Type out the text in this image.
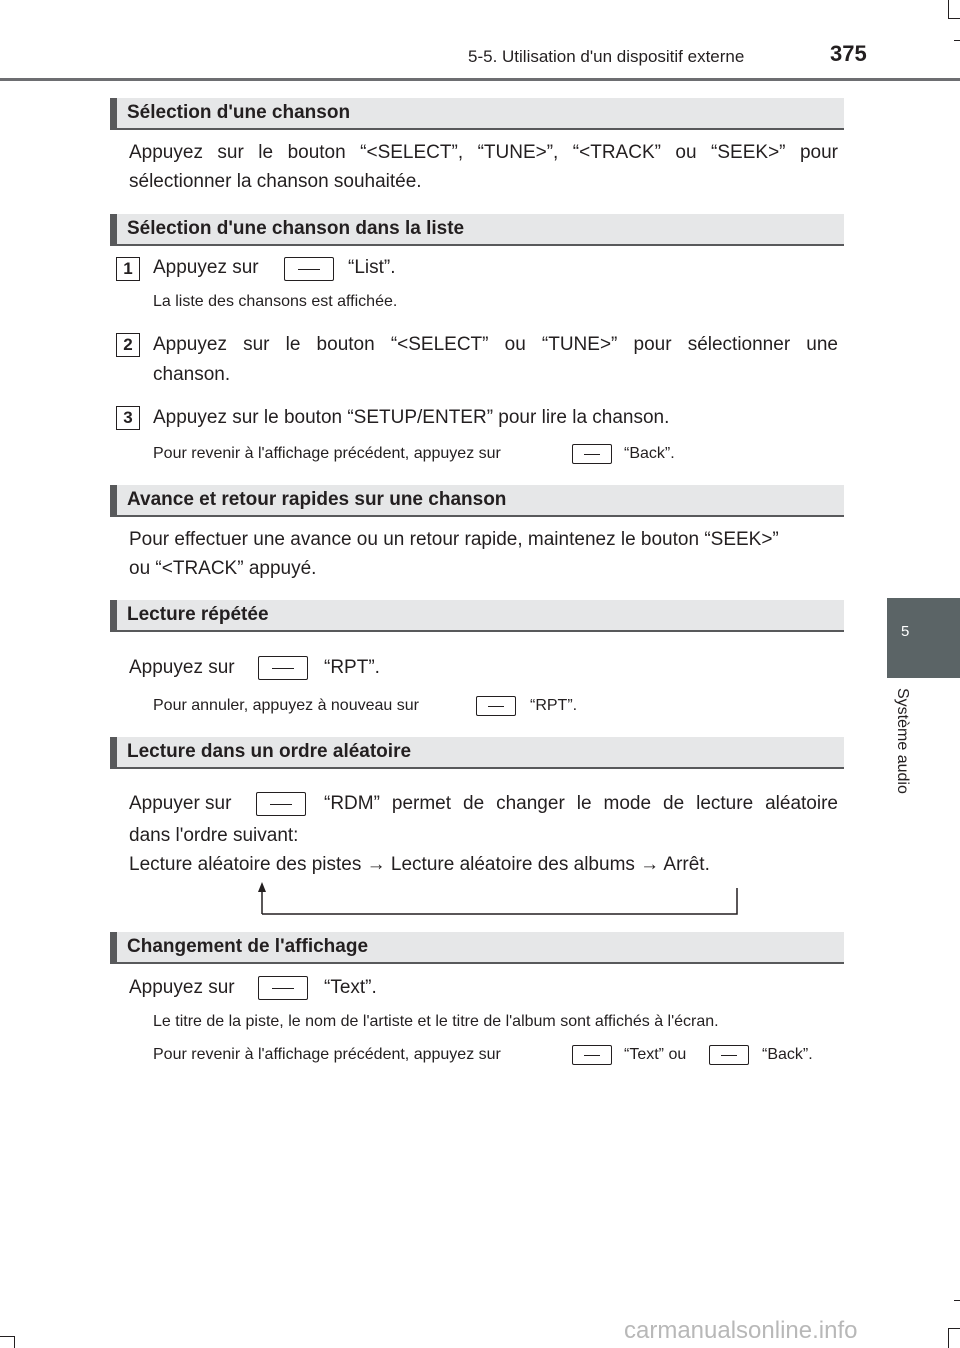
5-5. Utilisation d'un dispositif externe	375
5
Système audio
Sélection d'une chanson
Appuyez sur le bouton “<SELECT”, “TUNE>”, “<TRACK” ou “SEEK>” pour
sélectionner la chanson souhaitée.
Sélection d'une chanson dans la liste
1	Appuyez sur	“List”.
La liste des chansons est affichée.
2	Appuyez sur le bouton “<SELECT” ou “TUNE>” pour sélectionner une
chanson.
3	Appuyez sur le bouton “SETUP/ENTER” pour lire la chanson.
Pour revenir à l'affichage précédent, appuyez sur	“Back”.
Avance et retour rapides sur une chanson
Pour effectuer une avance ou un retour rapide, maintenez le bouton “SEEK>”
ou “<TRACK” appuyé.
Lecture répétée
Appuyez sur	“RPT”.
Pour annuler, appuyez à nouveau sur	“RPT”.
Lecture dans un ordre aléatoire
Appuyer sur	“RDM” permet de changer le mode de lecture aléatoire
dans l'ordre suivant:
Lecture aléatoire des pistes → Lecture aléatoire des albums → Arrêt.
Changement de l'affichage
Appuyez sur	“Text”.
Le titre de la piste, le nom de l'artiste et le titre de l'album sont affichés à l'écran.
Pour revenir à l'affichage précédent, appuyez sur	“Text” ou	“Back”.
carmanualsonline.info
